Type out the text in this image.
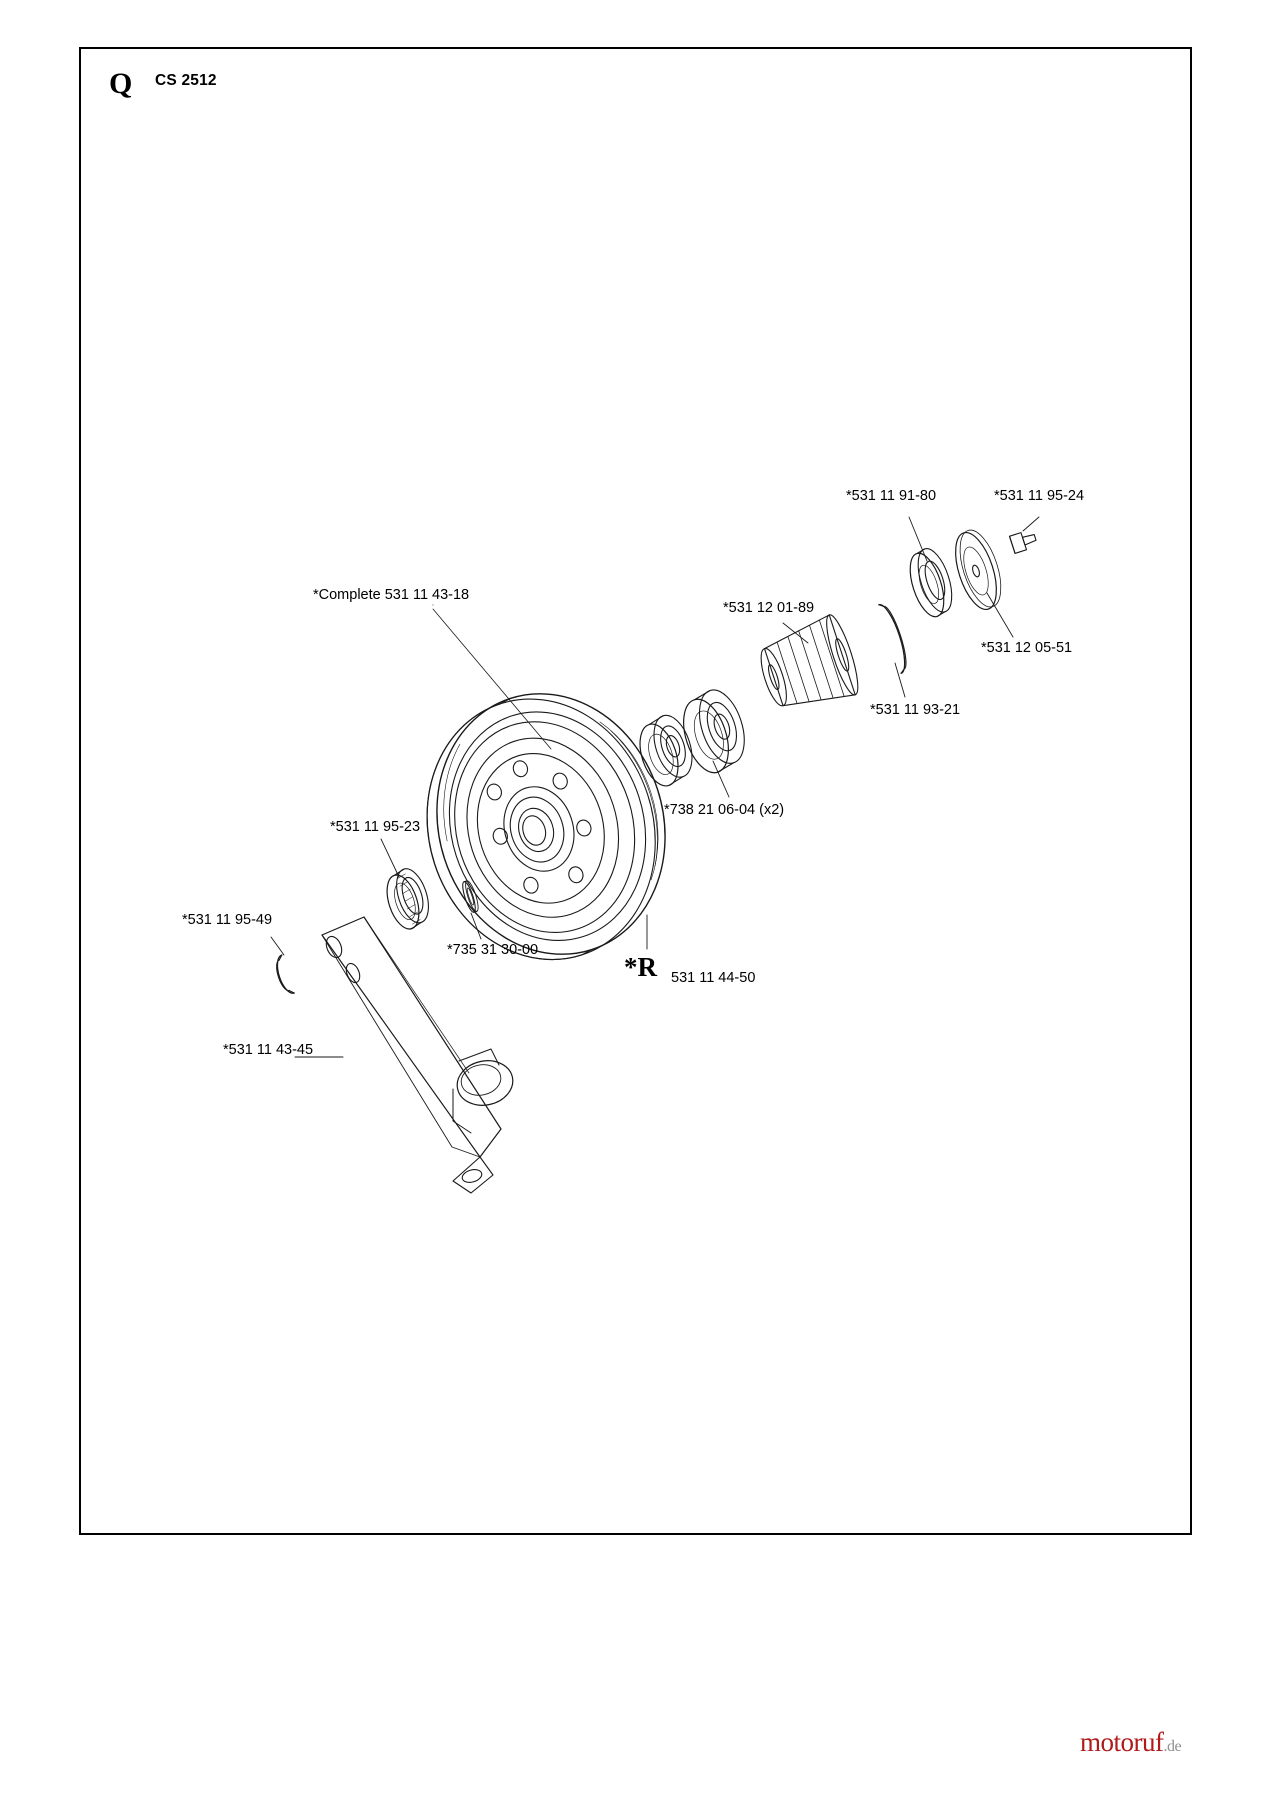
Q CS 2512
*Complete 531 11 43-18
*531 11 91-80	*531 11 95-24
*531 12 05-51
*531 12 01-89
*531 11 93-21
*738 21 06-04 (x2)
*531 11 95-23
*735 31 30-00
*531 11 95-49
*531 11 43-45
*R 531 11 44-50
motoruf.de
